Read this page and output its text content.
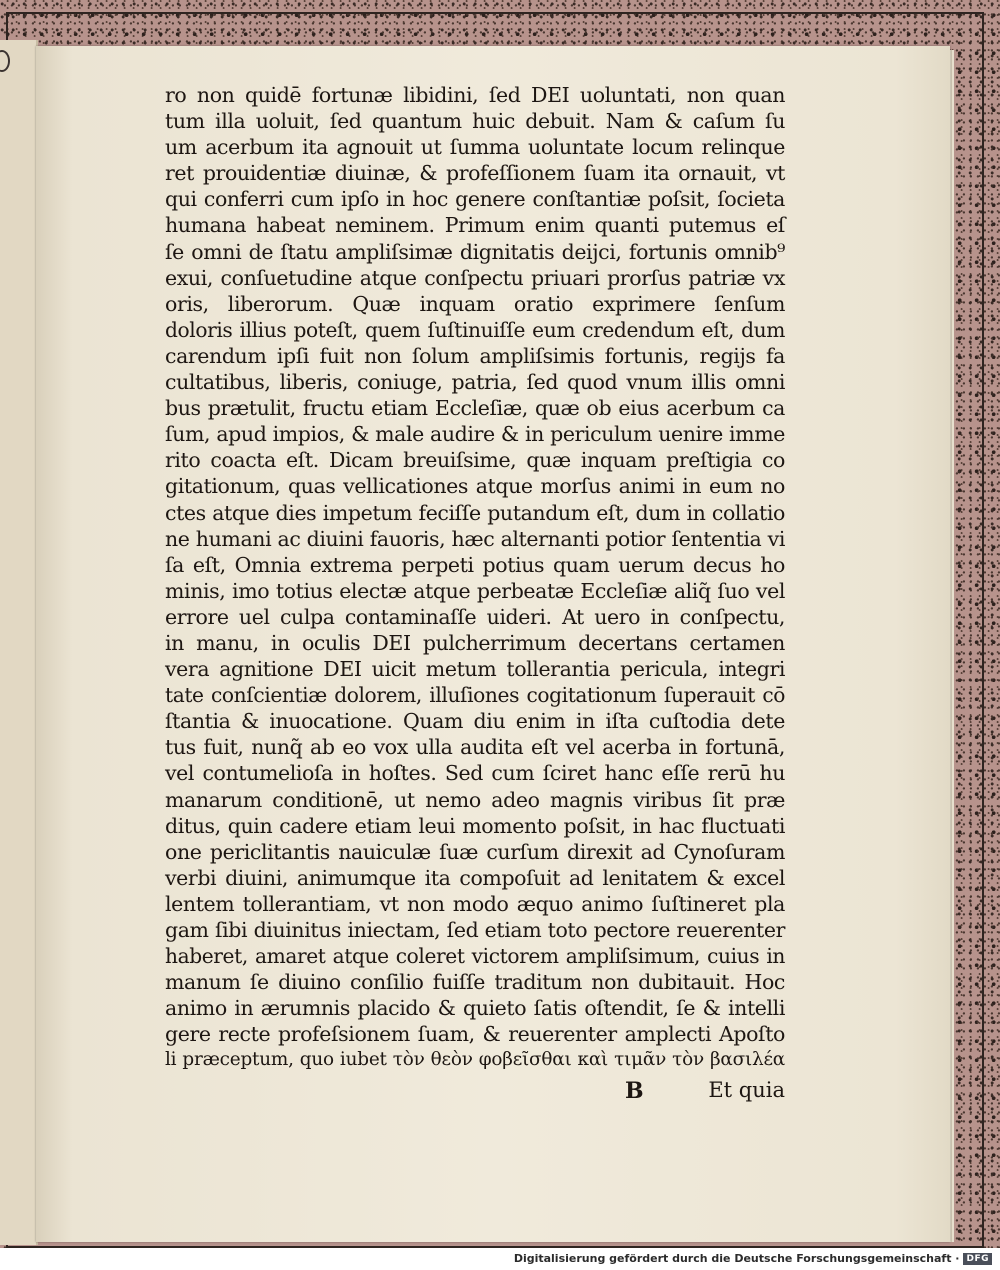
ro non quidē fortunæ libidini, ſed DEI uoluntati, non quan
tum illa uoluit, ſed quantum huic debuit. Nam & caſum ſu
um acerbum ita agnouit ut ſumma uoluntate locum relinque
ret prouidentiæ diuinæ, & profeſſionem ſuam ita ornauit, vt
qui conferri cum ipſo in hoc genere conſtantiæ poſsit, ſocieta
humana habeat neminem. Primum enim quanti putemus eſ
ſe omni de ſtatu ampliſsimæ dignitatis deijci, fortunis omnib⁹
exui, conſuetudine atque conſpectu priuari prorſus patriæ vx
oris, liberorum. Quæ inquam oratio exprimere ſenſum
doloris illius poteſt, quem ſuſtinuiſſe eum credendum eſt, dum
carendum ipſi fuit non ſolum ampliſsimis fortunis, regijs fa
cultatibus, liberis, coniuge, patria, ſed quod vnum illis omni
bus prætulit, fructu etiam Eccleſiæ, quæ ob eius acerbum ca
ſum, apud impios, & male audire & in periculum uenire imme
rito coacta eſt. Dicam breuiſsime, quæ inquam preſtigia co
gitationum, quas vellicationes atque morſus animi in eum no
ctes atque dies impetum feciſſe putandum eſt, dum in collatio
ne humani ac diuini fauoris, hæc alternanti potior ſententia vi
ſa eſt, Omnia extrema perpeti potius quam uerum decus ho
minis, imo totius electæ atque perbeatæ Eccleſiæ aliq̃ ſuo vel
errore uel culpa contaminaſſe uideri. At uero in conſpectu,
in manu, in oculis DEI pulcherrimum decertans certamen
vera agnitione DEI uicit metum tollerantia pericula, integri
tate conſcientiæ dolorem, illuſiones cogitationum ſuperauit cō
ſtantia & inuocatione. Quam diu enim in iſta cuſtodia dete
tus fuit, nunq̃ ab eo vox ulla audita eſt vel acerba in fortunā,
vel contumelioſa in hoſtes. Sed cum ſciret hanc eſſe rerū hu
manarum conditionē, ut nemo adeo magnis viribus ſit præ
ditus, quin cadere etiam leui momento poſsit, in hac fluctuati
one periclitantis nauiculæ ſuæ curſum direxit ad Cynoſuram
verbi diuini, animumque ita compoſuit ad lenitatem & excel
lentem tollerantiam, vt non modo æquo animo ſuſtineret pla
gam ſibi diuinitus iniectam, ſed etiam toto pectore reuerenter
haberet, amaret atque coleret victorem ampliſsimum, cuius in
manum ſe diuino conſilio fuiſſe traditum non dubitauit. Hoc
animo in ærumnis placido & quieto ſatis oſtendit, ſe & intelli
gere recte profeſsionem ſuam, & reuerenter amplecti Apoſto
li præceptum, quo iubet τὸν θεὸν φοβεῖσθαι καὶ τιμᾶν τὸν βασιλέα
B	Et quia
Digitalisierung gefördert durch die Deutsche Forschungsgemeinschaft · DFG
